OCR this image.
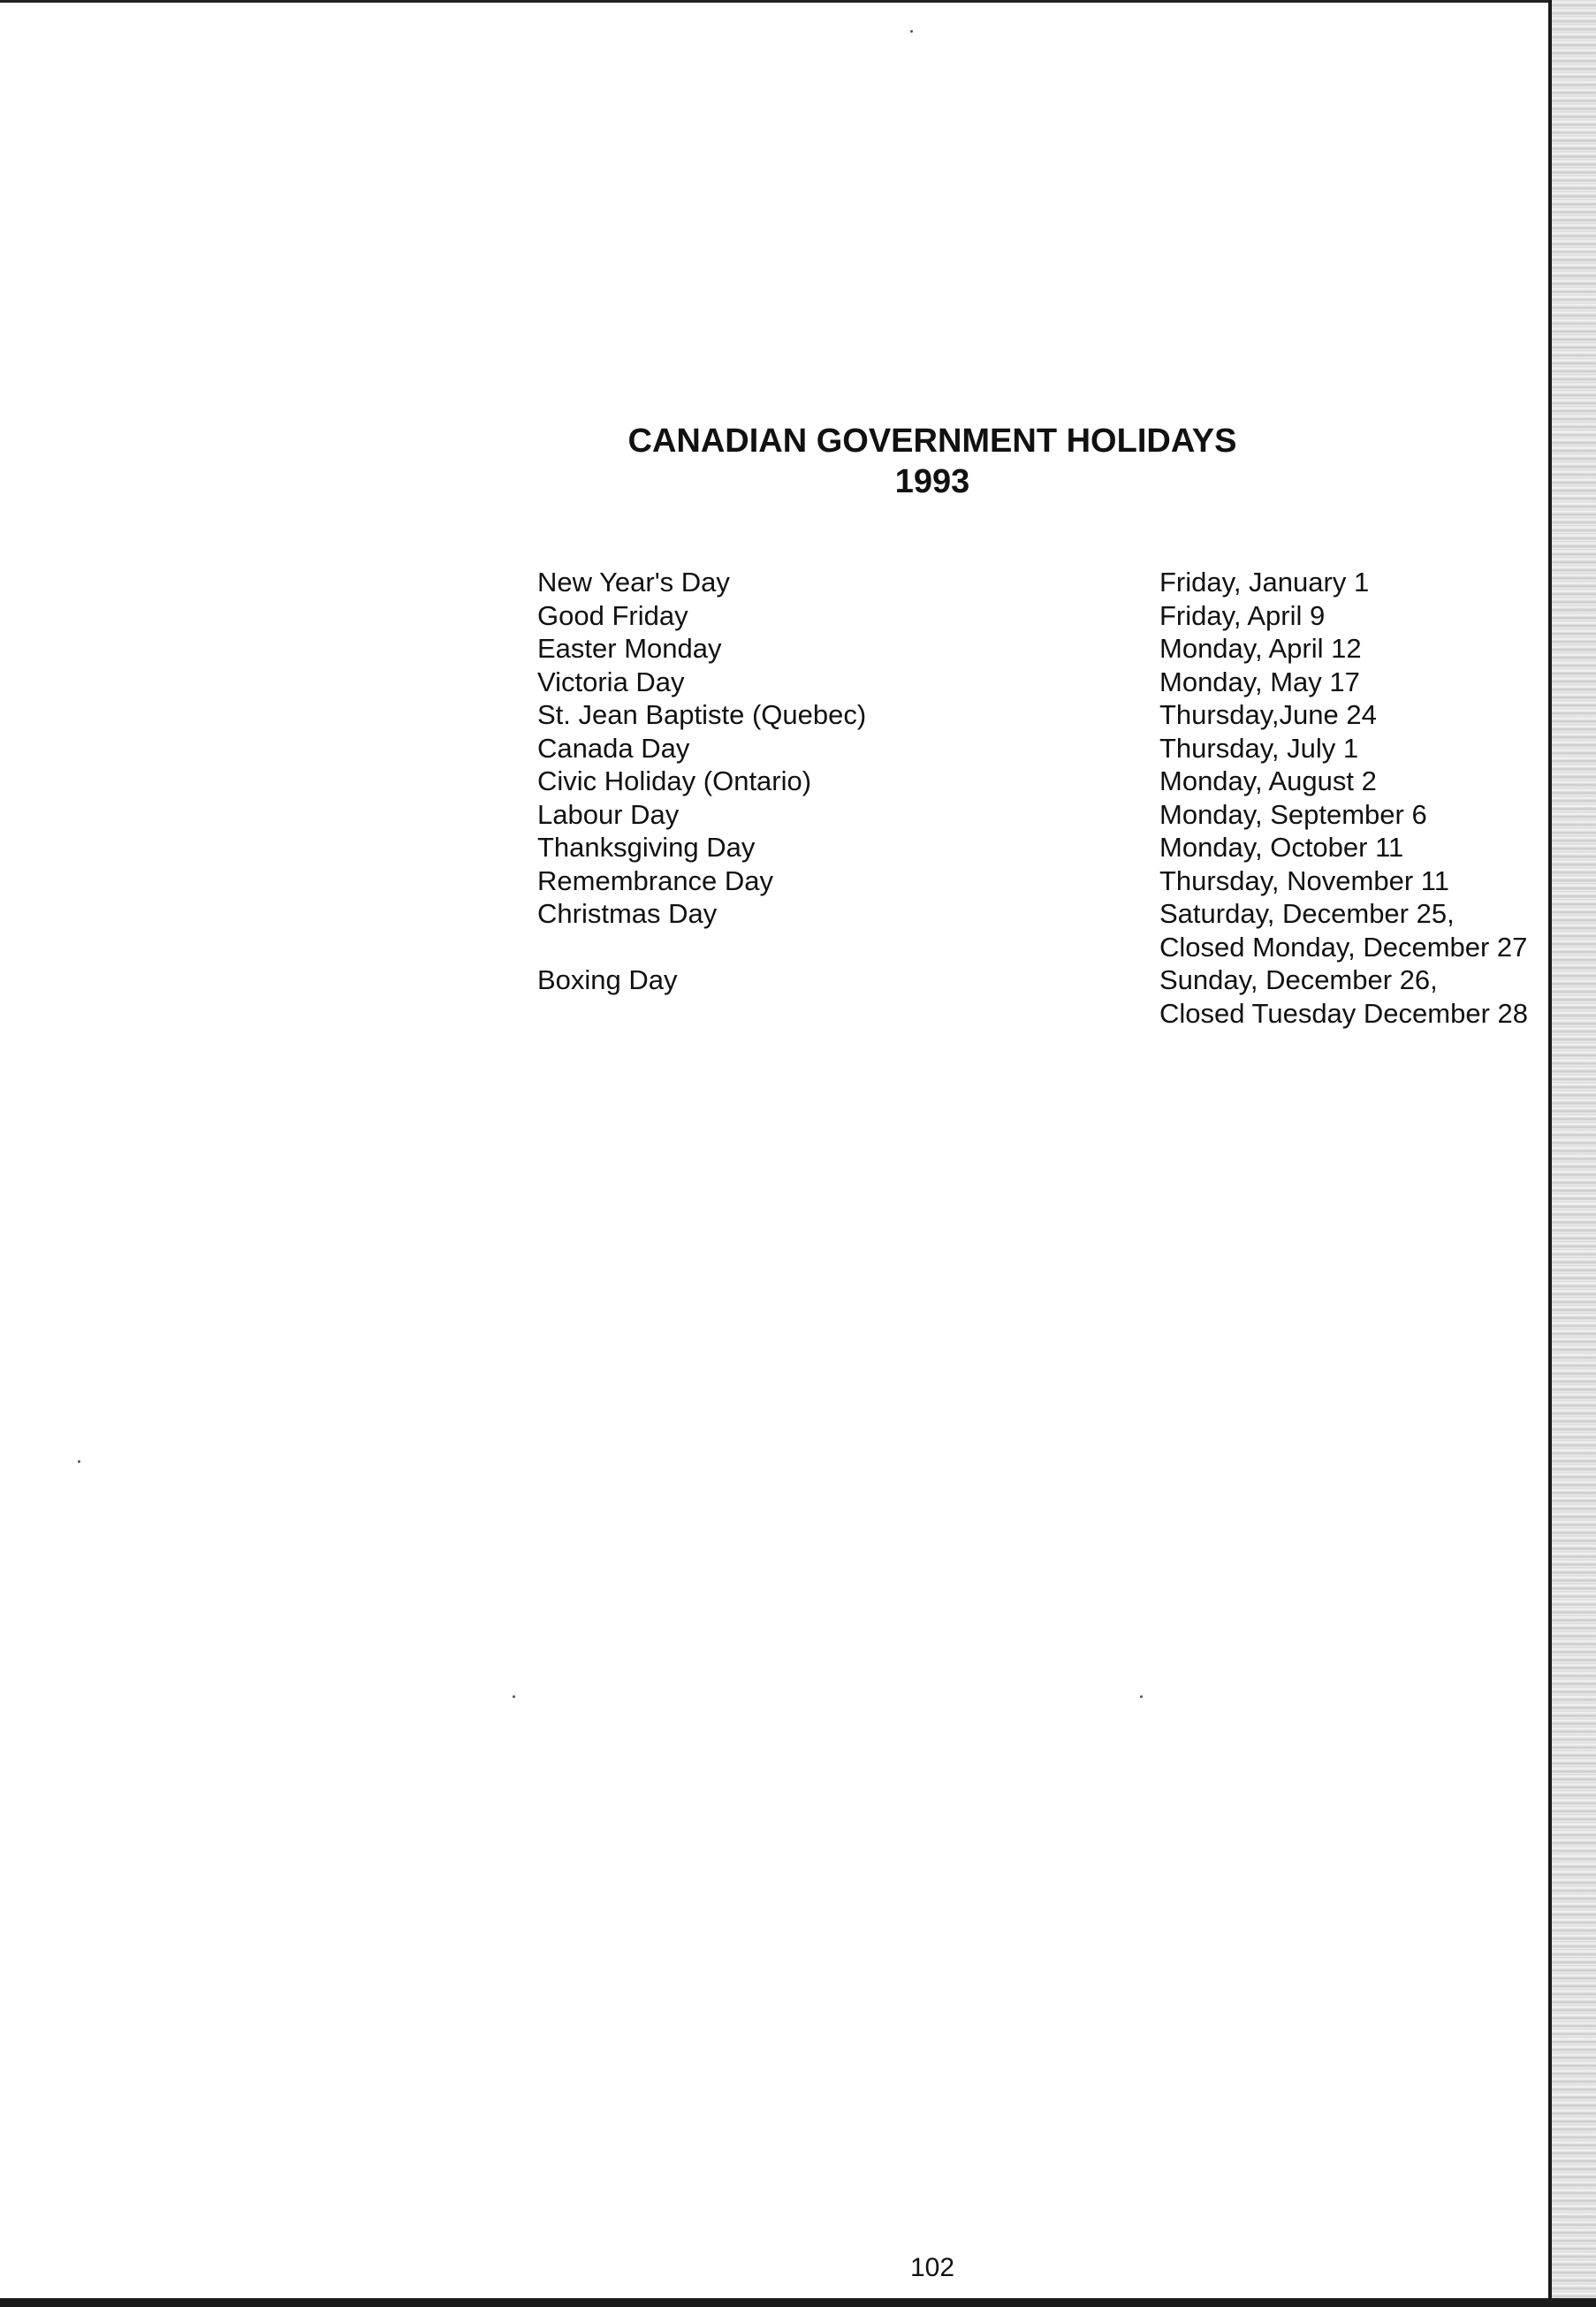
CANADIAN GOVERNMENT HOLIDAYS
1993
New Year's Day	Friday, January 1
Good Friday	Friday, April 9
Easter Monday	Monday, April 12
Victoria Day	Monday, May 17
St. Jean Baptiste (Quebec)	Thursday,June 24
Canada Day	Thursday, July 1
Civic Holiday (Ontario)	Monday, August 2
Labour Day	Monday, September 6
Thanksgiving Day	Monday, October 11
Remembrance Day	Thursday, November 11
Christmas Day	Saturday, December 25,
Closed Monday, December 27
Boxing Day	Sunday, December 26,
Closed Tuesday December 28
102
